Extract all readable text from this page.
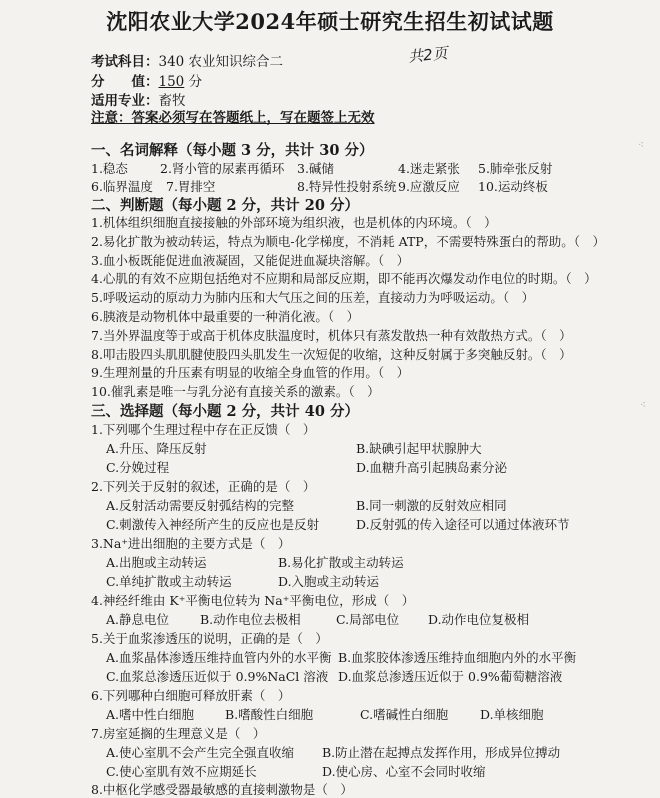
沈阳农业大学2024年硕士研究生招生初试试题
共2页
考试科目：340 农业知识综合二
分　　值：150 分
适用专业：畜牧
注意：答案必须写在答题纸上，写在题签上无效
一、名词解释（每小题 3 分，共计 30 分）
1.稳态	2.肾小管的尿素再循环 3.碱储	4.迷走紧张 5.肺牵张反射
6.临界温度 7.胃排空	8.特异性投射系统 9.应激反应 10.运动终板
二、判断题（每小题 2 分，共计 20 分）
1.机体组织细胞直接接触的外部环境为组织液，也是机体的内环境。（　）
2.易化扩散为被动转运，特点为顺电-化学梯度，不消耗 ATP，不需要特殊蛋白的帮助。（　）
3.血小板既能促进血液凝固，又能促进血凝块溶解。（　）
4.心肌的有效不应期包括绝对不应期和局部反应期，即不能再次爆发动作电位的时期。（　）
5.呼吸运动的原动力为肺内压和大气压之间的压差，直接动力为呼吸运动。（　）
6.胰液是动物机体中最重要的一种消化液。（　）
7.当外界温度等于或高于机体皮肤温度时，机体只有蒸发散热一种有效散热方式。（　）
8.叩击股四头肌肌腱使股四头肌发生一次短促的收缩，这种反射属于多突触反射。（　）
9.生理剂量的升压素有明显的收缩全身血管的作用。（　）
10.催乳素是唯一与乳分泌有直接关系的激素。（　）
三、选择题（每小题 2 分，共计 40 分）
1.下列哪个生理过程中存在正反馈（　）
A.升压、降压反射	B.缺碘引起甲状腺肿大
C.分娩过程	D.血糖升高引起胰岛素分泌
2.下列关于反射的叙述，正确的是（　）
A.反射活动需要反射弧结构的完整	B.同一刺激的反射效应相同
C.刺激传入神经所产生的反应也是反射	D.反射弧的传入途径可以通过体液环节
3.Na⁺进出细胞的主要方式是（　）
A.出胞或主动转运	B.易化扩散或主动转运
C.单纯扩散或主动转运	D.入胞或主动转运
4.神经纤维由 K⁺平衡电位转为 Na⁺平衡电位，形成（　）
A.静息电位 B.动作电位去极相	C.局部电位 D.动作电位复极相
5.关于血浆渗透压的说明，正确的是（　）
A.血浆晶体渗透压维持血管内外的水平衡 B.血浆胶体渗透压维持血细胞内外的水平衡
C.血浆总渗透压近似于 0.9%NaCl 溶液 D.血浆总渗透压近似于 0.9%葡萄糖溶液
6.下列哪种白细胞可释放肝素（　）
A.嗜中性白细胞 B.嗜酸性白细胞	C.嗜碱性白细胞	D.单核细胞
7.房室延搁的生理意义是（　）
A.使心室肌不会产生完全强直收缩 B.防止潜在起搏点发挥作用，形成异位搏动
C.使心室肌有效不应期延长	D.使心房、心室不会同时收缩
8.中枢化学感受器最敏感的直接刺激物是（　）
⁖
⁖
